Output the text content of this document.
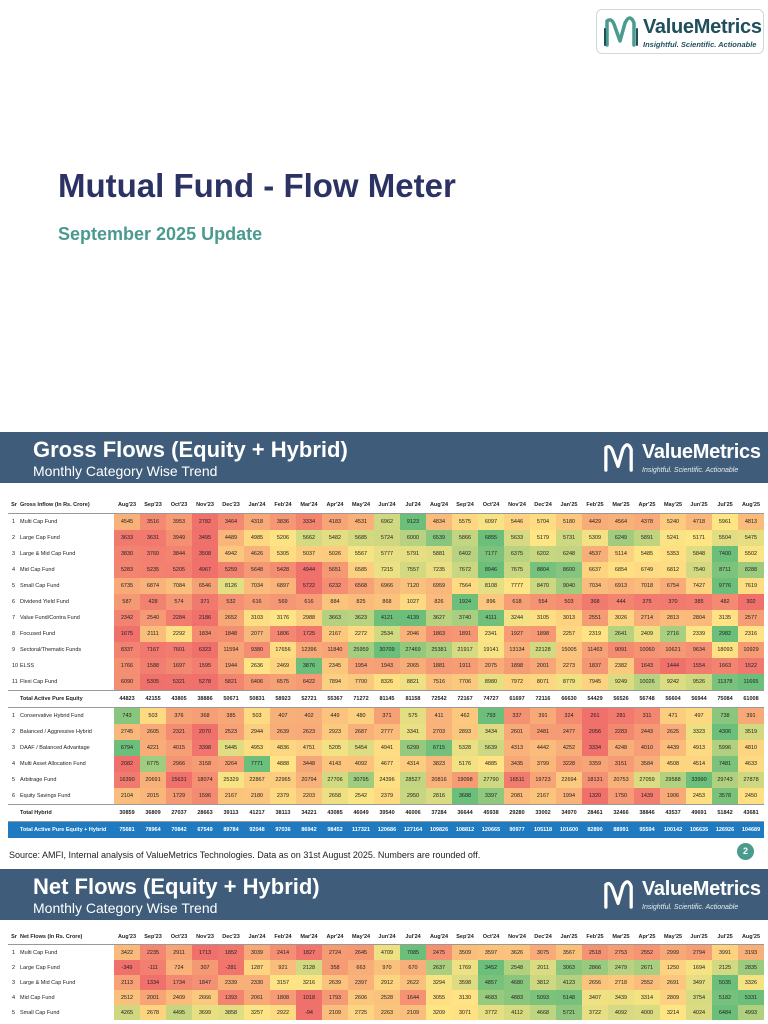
ValueMetrics
Insightful. Scientific. Actionable
Mutual Fund - Flow Meter
September 2025 Update
Gross Flows (Equity + Hybrid)
Monthly Category Wise Trend
ValueMetrics
Insightful. Scientific. Actionable
Sr	Gross Inflow (In Rs. Crore)	Aug'23	Sep'23	Oct'23	Nov'23	Dec'23	Jan'24	Feb'24	Mar'24	Apr'24	May'24	Jun'24	Jul'24	Aug'24	Sep'24	Oct'24	Nov'24	Dec'24	Jan'25	Feb'25	Mar'25	Apr'25	May'25	Jun'25	Jul'25	Aug'25
1	Multi Cap Fund	4545	3516	3953	2782	3464	4318	3836	3334	4183	4531	6962	9123	4834	5575	6097	5446	5704	5180	4429	4564	4378	5240	4718	5961	4813
2	Large Cap Fund	3633	3631	3949	3495	4489	4985	5206	5662	5482	5685	5724	6000	6539	5866	6855	5633	5179	5731	5309	6249	5891	5241	5171	5504	5475
3	Large & Mid Cap Fund	3830	3760	3844	3508	4942	4626	5305	5037	5026	5567	5777	5791	5881	6402	7177	6375	6202	6248	4537	5114	5485	5353	5848	7400	5502
4	Mid Cap Fund	5283	5235	5205	4967	5259	5648	5428	4944	5651	6585	7215	7557	7235	7672	8946	7675	8804	8600	6637	6854	6749	6812	7540	8711	8288
5	Small Cap Fund	6735	6874	7084	6546	8126	7034	6897	5722	6232	6568	6966	7120	6959	7564	8108	7777	8470	9040	7034	6913	7018	6754	7427	9776	7619
6	Dividend Yield Fund	587	428	574	371	532	616	569	616	884	825	868	1027	826	1924	896	618	554	503	368	444	375	370	385	482	302
7	Value Fund/Contra Fund	2342	2540	2284	2186	2652	3103	3176	2988	3663	3623	4121	4139	3627	3740	4111	3244	3105	3013	2551	3026	2714	2813	2804	3135	2577
8	Focused Fund	1675	2111	2292	1834	1848	2077	1806	1725	2167	2272	2534	2046	1863	1891	2341	1927	1898	2257	2319	2641	2409	2716	2339	2982	2316
9	Sectoral/Thematic Funds	8337	7167	7601	6323	11594	9380	17656	12396	11840	25959	30709	27469	25381	21917	19141	13134	22128	15005	11463	9091	10060	10621	9634	18093	10929
10	ELSS	1766	1588	1697	1595	1944	2636	2469	3876	2345	1954	1943	2065	1881	1911	2075	1898	2001	2273	1837	2382	1643	1444	1554	1663	1522
11	Flexi Cap Fund	6090	5305	5321	5278	5821	6406	6575	6422	7894	7700	8326	8821	7516	7706	8980	7972	8071	8779	7945	9249	10026	9242	9526	11378	11665
	Total Active Pure Equity	44823	42155	43805	38886	50671	50831	58923	52721	55367	71272	81145	81158	72542	72167	74727	61697	72116	66630	54429	56526	56748	56604	56944	75084	61008
1	Conservative Hybrid Fund	743	503	376	368	385	503	407	402	449	480	371	575	411	462	793	337	391	324	261	281	311	471	497	738	391
2	Balanced / Aggressive Hybrid	2745	2605	2321	2070	2523	2944	2639	2623	2923	2687	2777	3341	2703	2893	3434	2601	2481	2477	2056	2283	2443	2625	3323	4306	3519
3	DAAF / Balanced Advantage	6794	4221	4015	3398	5445	4953	4836	4751	5205	5454	4941	6299	6715	5328	5639	4313	4442	4252	3334	4248	4010	4439	4913	5996	4810
4	Multi Asset Allocation Fund	2082	6775	2966	3158	3264	7771	4888	3448	4143	4092	4677	4314	3823	5176	4885	3435	3799	3228	3359	3151	3584	4508	4514	7481	4633
5	Arbitrage Fund	16390	20691	15631	18074	25329	22867	22965	20794	27706	30795	24396	28527	20816	19098	27790	16511	19723	22694	18131	20753	27059	29588	33990	29743	27878
6	Equity Savings Fund	2104	2015	1729	1596	2167	2180	2379	2203	2658	2542	2379	2950	2816	3688	3397	2081	2167	1994	1320	1750	1439	1906	2453	3578	2450
	Total Hybrid	30859	36809	27037	28663	39113	41217	38113	34221	43085	46049	39540	46006	37284	36644	45938	29280	33002	34970	28461	32466	38846	43537	49691	51842	43681
	Total Active Pure Equity + Hybrid	75681	78964	70842	67549	89784	92048	97036	86942	98452	117321	120686	127164	109826	108812	120665	90977	105118	101600	82890	88991	95594	100142	106635	126926	104689
Source: AMFI, Internal analysis of ValueMetrics Technologies. Data as on 31st August 2025. Numbers are rounded off.	2
Net Flows (Equity + Hybrid)
Monthly Category Wise Trend
ValueMetrics
Insightful. Scientific. Actionable
Sr	Net Flows (In Rs. Crore)	Aug'23	Sep'23	Oct'23	Nov'23	Dec'23	Jan'24	Feb'24	Mar'24	Apr'24	May'24	Jun'24	Jul'24	Aug'24	Sep'24	Oct'24	Nov'24	Dec'24	Jan'25	Feb'25	Mar'25	Apr'25	May'25	Jun'25	Jul'25	Aug'25
1	Multi Cap Fund	3422	2235	2911	1713	1852	3039	2414	1827	2724	2645	4709	7085	2475	3509	3597	3626	3075	3567	2518	2753	2552	2999	2794	3991	3193
2	Large Cap Fund	-349	-111	724	307	-281	1287	921	2128	358	663	970	670	2637	1769	3452	2548	2011	3063	2866	2479	2671	1250	1694	2125	2835
3	Large & Mid Cap Fund	2113	1334	1734	1847	2339	2330	3157	3216	2639	2397	2912	2622	3294	3598	4857	4680	3812	4123	2656	2718	2552	2691	3497	5035	3326
4	Mid Cap Fund	2512	2001	2409	2666	1393	2061	1808	1018	1793	2606	2528	1644	3055	3130	4683	4883	5093	5148	3407	3439	3314	2809	3754	5182	5331
5	Small Cap Fund	4265	2678	4495	3699	3858	3257	2922	-94	2109	2725	2263	2109	3209	3071	3772	4112	4668	5721	3722	4092	4000	3214	4024	6484	4993
